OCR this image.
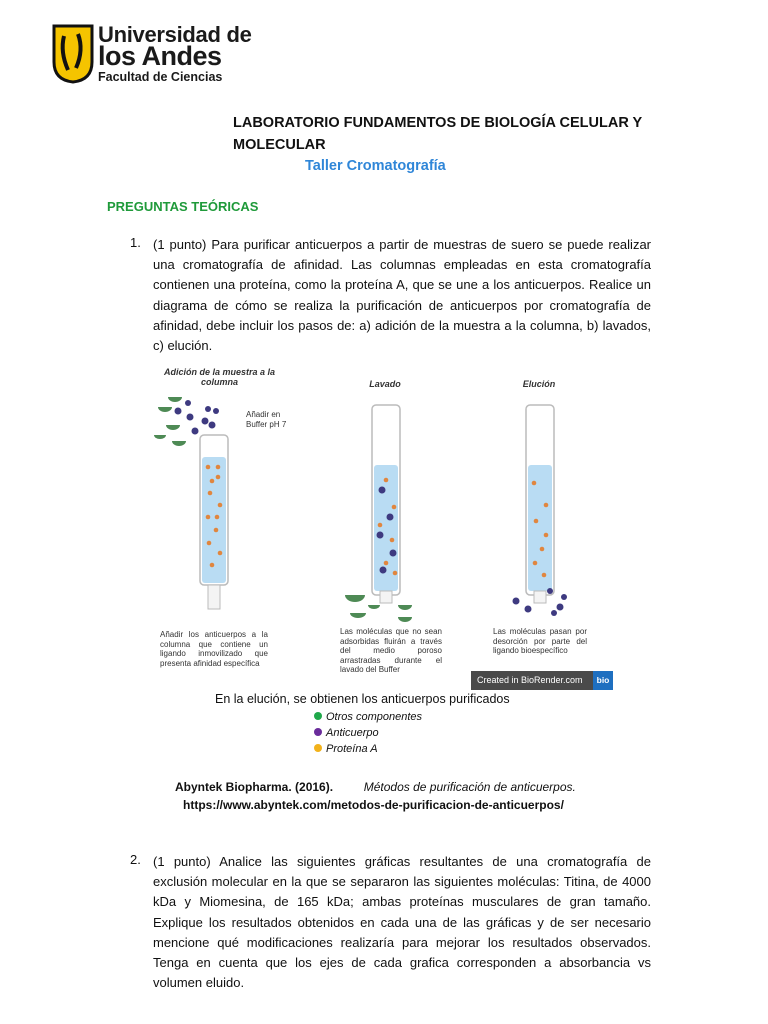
Universidad de
los Andes
Facultad de Ciencias
LABORATORIO FUNDAMENTOS DE BIOLOGÍA CELULAR Y
MOLECULAR
Taller Cromatografía
PREGUNTAS TEÓRICAS
1. (1 punto) Para purificar anticuerpos a partir de muestras de suero se puede realizar una cromatografía de afinidad. Las columnas empleadas en esta cromatografía contienen una proteína, como la proteína A, que se une a los anticuerpos. Realice un diagrama de cómo se realiza la purificación de anticuerpos por cromatografía de afinidad, debe incluir los pasos de: a) adición de la muestra a la columna, b) lavados, c) elución.
Adición de la muestra a la columna	Lavado	Elución
Añadir en Buffer pH 7
Añadir los anticuerpos a la columna que contiene un ligando inmovilizado que presenta afinidad específica
Las moléculas que no sean adsorbidas fluirán a través del medio poroso arrastradas durante el lavado del Buffer
Las moléculas pasan por desorción por parte del ligando bioespecífico
Created in BioRender.com	bio
En la elución, se obtienen los anticuerpos purificados
Otros componentes
Anticuerpo
Proteína A
Abyntek Biopharma. (2016).	Métodos de purificación de anticuerpos.
https://www.abyntek.com/metodos-de-purificacion-de-anticuerpos/
2. (1 punto) Analice las siguientes gráficas resultantes de una cromatografía de exclusión molecular en la que se separaron las siguientes moléculas: Titina, de 4000 kDa y Miomesina, de 165 kDa; ambas proteínas musculares de gran tamaño. Explique los resultados obtenidos en cada una de las gráficas y de ser necesario mencione qué modificaciones realizaría para mejorar los resultados observados. Tenga en cuenta que los ejes de cada grafica corresponden a absorbancia vs volumen eluido.
